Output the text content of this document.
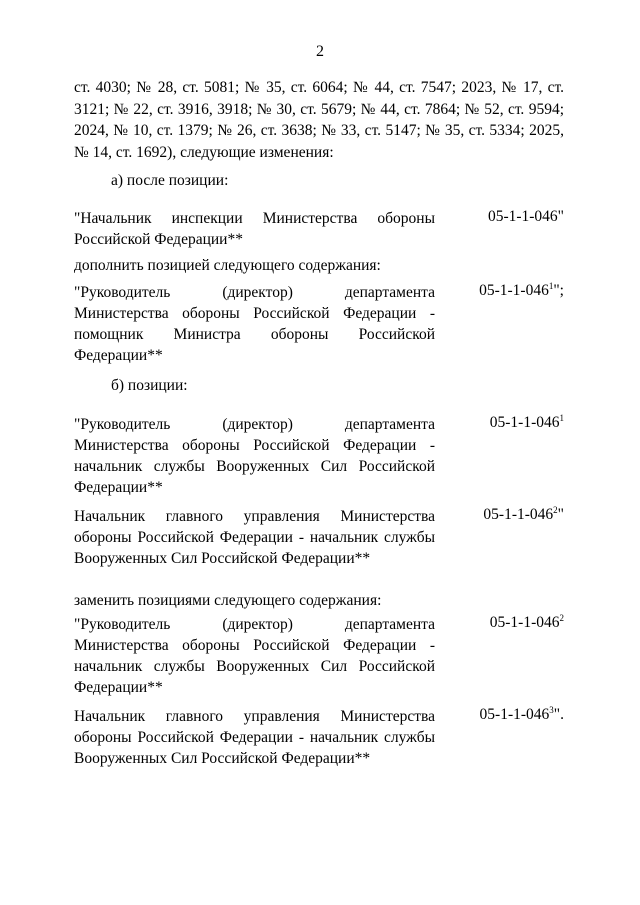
2
ст. 4030; № 28, ст. 5081; № 35, ст. 6064; № 44, ст. 7547; 2023, № 17, ст. 3121; № 22, ст. 3916, 3918; № 30, ст. 5679; № 44, ст. 7864; № 52, ст. 9594; 2024, № 10, ст. 1379; № 26, ст. 3638; № 33, ст. 5147; № 35, ст. 5334; 2025, № 14, ст. 1692), следующие изменения:
а) после позиции:
"Начальник инспекции Министерства обороны Российской Федерации**
05-1-1-046"
дополнить позицией следующего содержания:
"Руководитель (директор) департамента Министерства обороны Российской Федерации - помощник Министра обороны Российской Федерации**
$05-1-1-046^1$";
б) позиции:
"Руководитель (директор) департамента Министерства обороны Российской Федерации - начальник службы Вооруженных Сил Российской Федерации**
$05-1-1-046^1$
Начальник главного управления Министерства обороны Российской Федерации - начальник службы Вооруженных Сил Российской Федерации**
$05-1-1-046^2$"
заменить позициями следующего содержания:
"Руководитель (директор) департамента Министерства обороны Российской Федерации - начальник службы Вооруженных Сил Российской Федерации**
$05-1-1-046^2$
Начальник главного управления Министерства обороны Российской Федерации - начальник службы Вооруженных Сил Российской Федерации**
$05-1-1-046^3$".
